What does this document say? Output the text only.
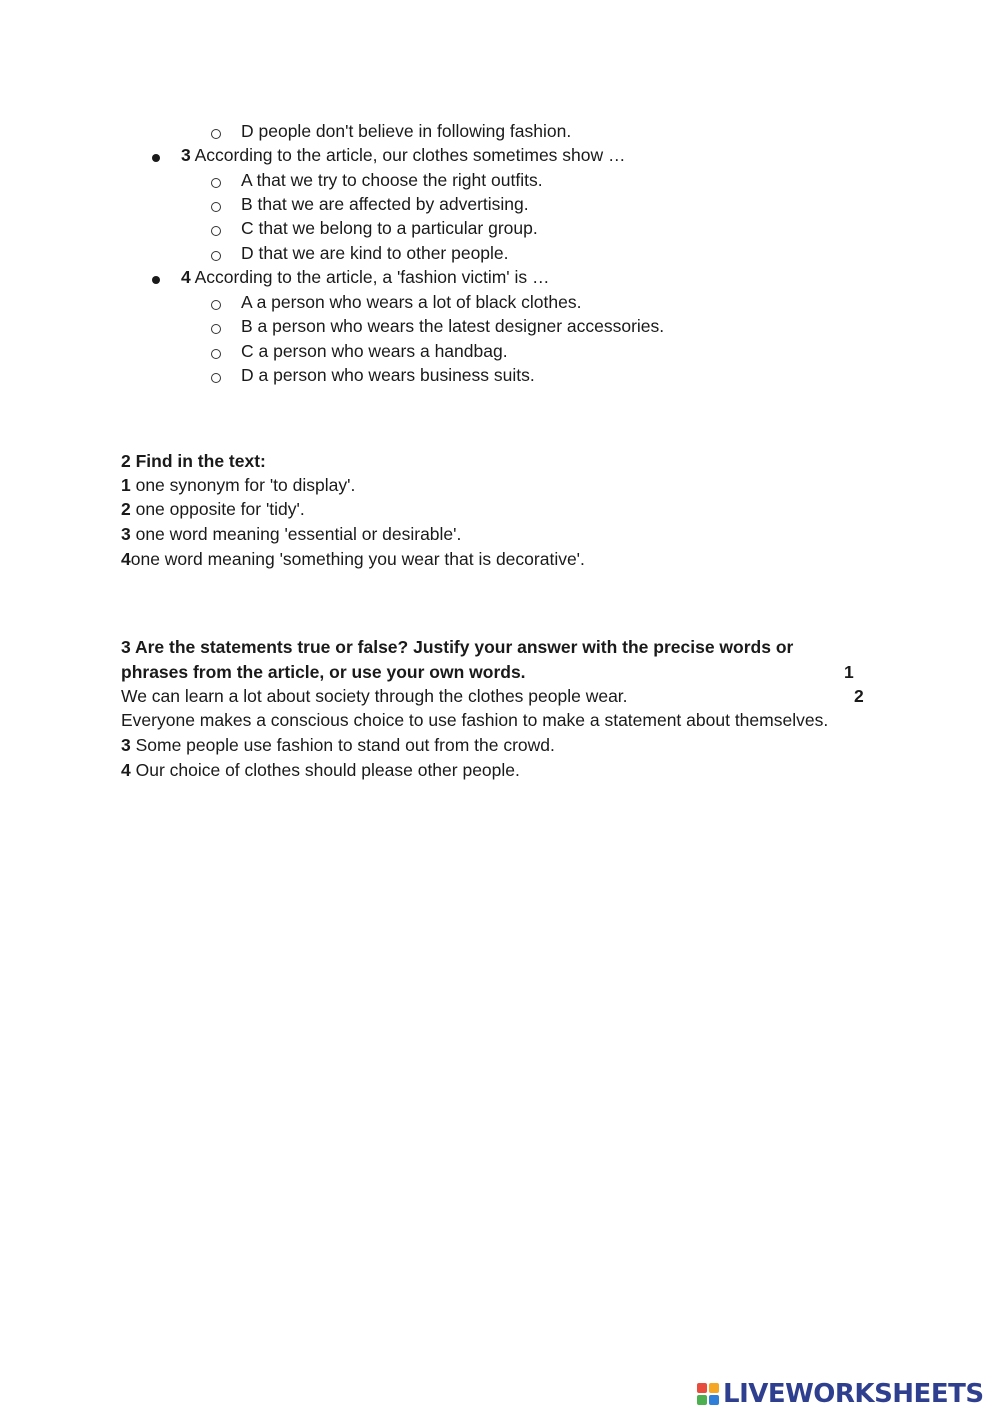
D people don't believe in following fashion.
3 According to the article, our clothes sometimes show …
A that we try to choose the right outfits.
B that we are affected by advertising.
C that we belong to a particular group.
D that we are kind to other people.
4 According to the article, a 'fashion victim' is …
A a person who wears a lot of black clothes.
B a person who wears the latest designer accessories.
C a person who wears a handbag.
D a person who wears business suits.
2 Find in the text:
1 one synonym for 'to display'.
2 one opposite for 'tidy'.
3 one word meaning 'essential or desirable'.
4one word meaning 'something you wear that is decorative'.
3 Are the statements true or false? Justify your answer with the precise words or
phrases from the article, or use your own words.	1
We can learn a lot about society through the clothes people wear.	2
Everyone makes a conscious choice to use fashion to make a statement about themselves.
3 Some people use fashion to stand out from the crowd.
4 Our choice of clothes should please other people.
LIVEWORKSHEETS
